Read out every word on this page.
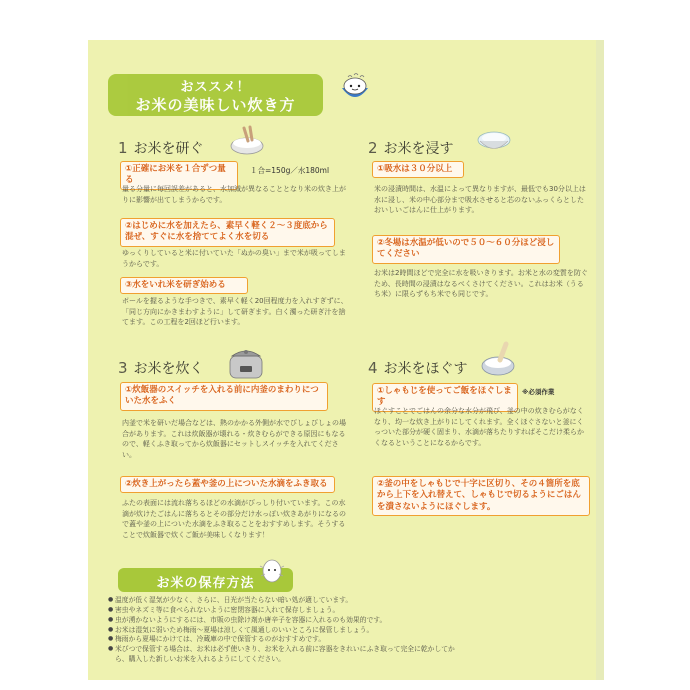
おススメ！
お米の美味しい炊き方
1 お米を研ぐ
①正確にお米を１合ずつ量る
１合=150g／水180ml
量る分量に毎回誤差があると、水加減が異なることとなり米の炊き上がりに影響が出てしまうからです。
②はじめに水を加えたら、素早く軽く２～３度底から混ぜ、すぐに水を捨ててよく水を切る
ゆっくりしていると米に付いていた「ぬかの臭い」まで米が吸ってしまうからです。
③水をいれ米を研ぎ始める
ボールを握るような手つきで、素早く軽く20回程度力を入れすぎずに、「同じ方向にかきまわすように」して研ぎます。白く濁った研ぎ汁を捨てます。この工程を2回ほど行います。
2 お米を浸す
①吸水は３０分以上
米の浸漬時間は、水温によって異なりますが、最低でも30分以上は水に浸し、米の中心部分まで吸水させると芯のないふっくらとしたおいしいごはんに仕上がります。
②冬場は水温が低いので５０～６０分ほど浸してください
お米は2時間ほどで完全に水を吸いきります。お米と水の変質を防ぐため、長時間の浸漬はなるべくさけてください。これはお米（うるち米）に限らずもち米でも同じです。
3 お米を炊く
①炊飯器のスイッチを入れる前に内釜のまわりについた水をふく
内釜で米を研いだ場合などは、熱のかかる外側が水でびしょびしょの場合があります。これは炊飯器が壊れる・炊きむらができる原因にもなるので、軽くふき取ってから炊飯器にセットしスイッチを入れてください。
②炊き上がったら蓋や釜の上についた水滴をふき取る
ふたの表面には流れ落ちるほどの水滴がびっしり付いています。この水滴が炊けたごはんに落ちるとその部分だけ水っぽい炊きあがりになるので蓋や釜の上についた水滴をふき取ることをおすすめします。そうすることで炊飯器で炊くご飯が美味しくなります！
4 お米をほぐす
①しゃもじを使ってご飯をほぐします
※必須作業
ほぐすことでごはんの余分な水分が飛び、釜の中の炊きむらがなくなり、均一な炊き上がりにしてくれます。全くほぐさないと釜にくっついた部分が硬く固まり、水滴が落ちたりすればそこだけ柔らかくなるということになるからです。
②釜の中をしゃもじで十字に区切り、その４箇所を底から上下を入れ替えて、しゃもじで切るようにごはんを潰さないようにほぐします。
お米の保存方法
● 温度が低く湿気が少なく、さらに、日光が当たらない暗い処が適しています。
● 害虫やネズミ等に食べられないように密閉容器に入れて保存しましょう。
● 虫が湧かないようにするには、市販の虫除け剤か唐辛子を容器に入れるのも効果的です。
● お米は湿気に弱いため梅雨～夏場は涼しくて風通しのいいところに保管しましょう。
● 梅雨から夏場にかけては、冷蔵庫の中で保管するのがおすすめです。
● 米びつで保管する場合は、お米は必ず使いきり、お米を入れる前に容器をきれいにふき取って完全に乾かしてから、購入した新しいお米を入れるようにしてください。
